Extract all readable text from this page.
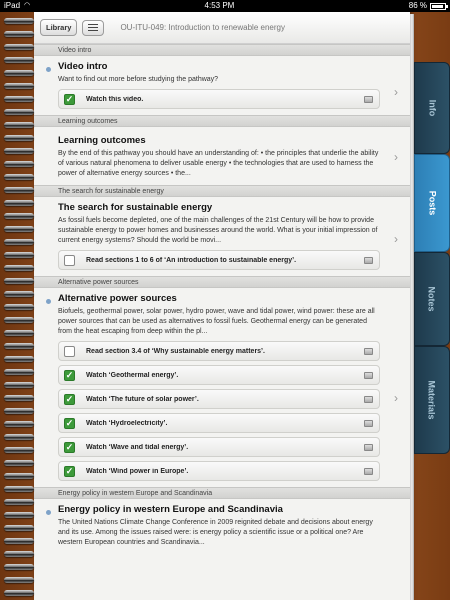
iPad ◠	4:53 PM	86 %
Library	OU-ITU-049: Introduction to renewable energy
Video intro
Video intro
Want to find out more before studying the pathway?
›
✓ Watch this video.
Learning outcomes
Learning outcomes
By the end of this pathway you should have an understanding of: • the principles that underlie the ability of various natural phenomena to deliver usable energy • the technologies that are used to harness the power of alternative energy sources • the...
›
The search for sustainable energy
The search for sustainable energy
As fossil fuels become depleted, one of the main challenges of the 21st Century will be how to provide sustainable energy to power homes and businesses around the world. What is your initial impression of current energy systems? Should the world be movi...	›
Read sections 1 to 6 of ‘An introduction to sustainable energy’.
Alternative power sources
Alternative power sources
Biofuels, geothermal power, solar power, hydro power, wave and tidal power, wind power: these are all power sources that can be used as alternatives to fossil fuels. Geothermal energy can be generated from the heat escaping from deep within the pl...
›
Read section 3.4 of ‘Why sustainable energy matters’.
✓ Watch ‘Geothermal energy’.
✓ Watch ‘The future of solar power’.
✓ Watch ‘Hydroelectricity’.
✓ Watch ‘Wave and tidal energy’.
✓ Watch ‘Wind power in Europe’.
Energy policy in western Europe and Scandinavia
Energy policy in western Europe and Scandinavia
The United Nations Climate Change Conference in 2009 reignited debate and decisions about energy and its use. Among the issues raised were: is energy policy a scientific issue or a political one? Are western European countries and Scandinavia...
Info
Posts
Notes
Materials
